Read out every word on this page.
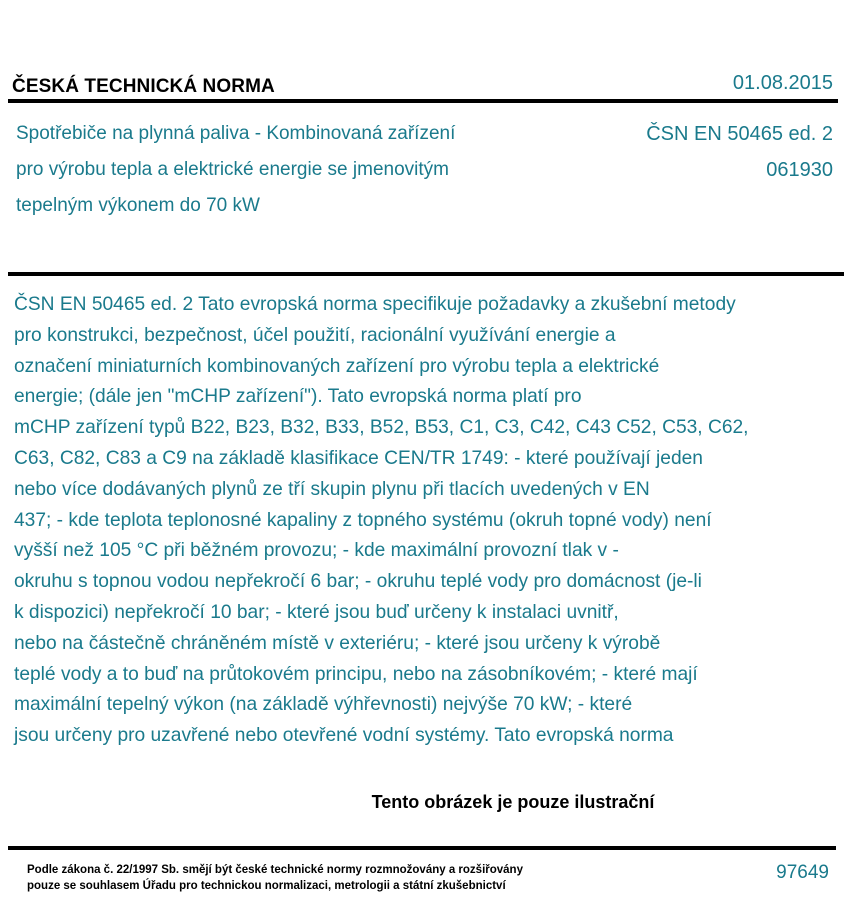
ČESKÁ TECHNICKÁ NORMA	01.08.2015
Spotřebiče na plynná paliva - Kombinovaná zařízení
pro výrobu tepla a elektrické energie se jmenovitým
tepelným výkonem do 70 kW
ČSN EN 50465 ed. 2
061930
ČSN EN 50465 ed. 2 Tato evropská norma specifikuje požadavky a zkušební metody
pro konstrukci, bezpečnost, účel použití, racionální využívání energie a
označení miniaturních kombinovaných zařízení pro výrobu tepla a elektrické
energie; (dále jen "mCHP zařízení"). Tato evropská norma platí pro
mCHP zařízení typů B22, B23, B32, B33, B52, B53, C1, C3, C42, C43 C52, C53, C62,
C63, C82, C83 a C9 na základě klasifikace CEN/TR 1749: - které používají jeden
nebo více dodávaných plynů ze tří skupin plynu při tlacích uvedených v EN
437; - kde teplota teplonosné kapaliny z topného systému (okruh topné vody) není
vyšší než 105 °C při běžném provozu; - kde maximální provozní tlak v -
okruhu s topnou vodou nepřekročí 6 bar; - okruhu teplé vody pro domácnost (je-li
k dispozici) nepřekročí 10 bar; - které jsou buď určeny k instalaci uvnitř,
nebo na částečně chráněném místě v exteriéru; - které jsou určeny k výrobě
teplé vody a to buď na průtokovém principu, nebo na zásobníkovém; - které mají
maximální tepelný výkon (na základě výhřevnosti) nejvýše 70 kW; - které
jsou určeny pro uzavřené nebo otevřené vodní systémy. Tato evropská norma
Tento obrázek je pouze ilustrační
Podle zákona č. 22/1997 Sb. smějí být české technické normy rozmnožovány a rozšiřovány
pouze se souhlasem Úřadu pro technickou normalizaci, metrologii a státní zkušebnictví
97649
